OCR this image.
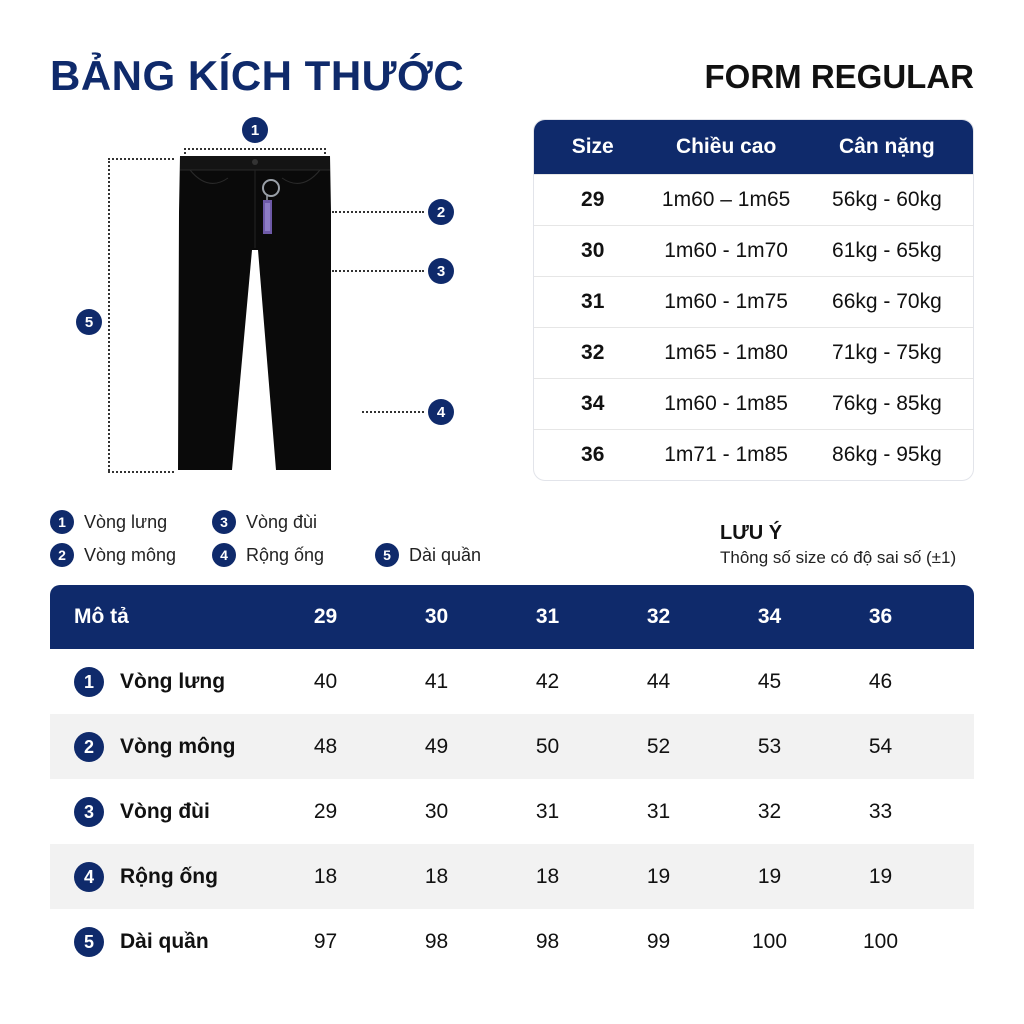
BẢNG KÍCH THƯỚC	FORM REGULAR
1
5
2
3
4
Size	Chiều cao	Cân nặng
29	1m60 – 1m65	56kg - 60kg
30	1m60 - 1m70	61kg - 65kg
31	1m60 - 1m75	66kg - 70kg
32	1m65 - 1m80	71kg - 75kg
34	1m60 - 1m85	76kg - 85kg
36	1m71 - 1m85	86kg - 95kg
1	Vòng lưng
2	Vòng mông
3	Vòng đùi
4	Rộng ống	5	Dài quần
LƯU Ý
Thông số size có độ sai số (±1)
Mô tả	29	30	31	32	34	36
1	Vòng lưng	40	41	42	44	45	46
2	Vòng mông	48	49	50	52	53	54
3	Vòng đùi	29	30	31	31	32	33
4	Rộng ống	18	18	18	19	19	19
5	Dài quần	97	98	98	99	100	100
